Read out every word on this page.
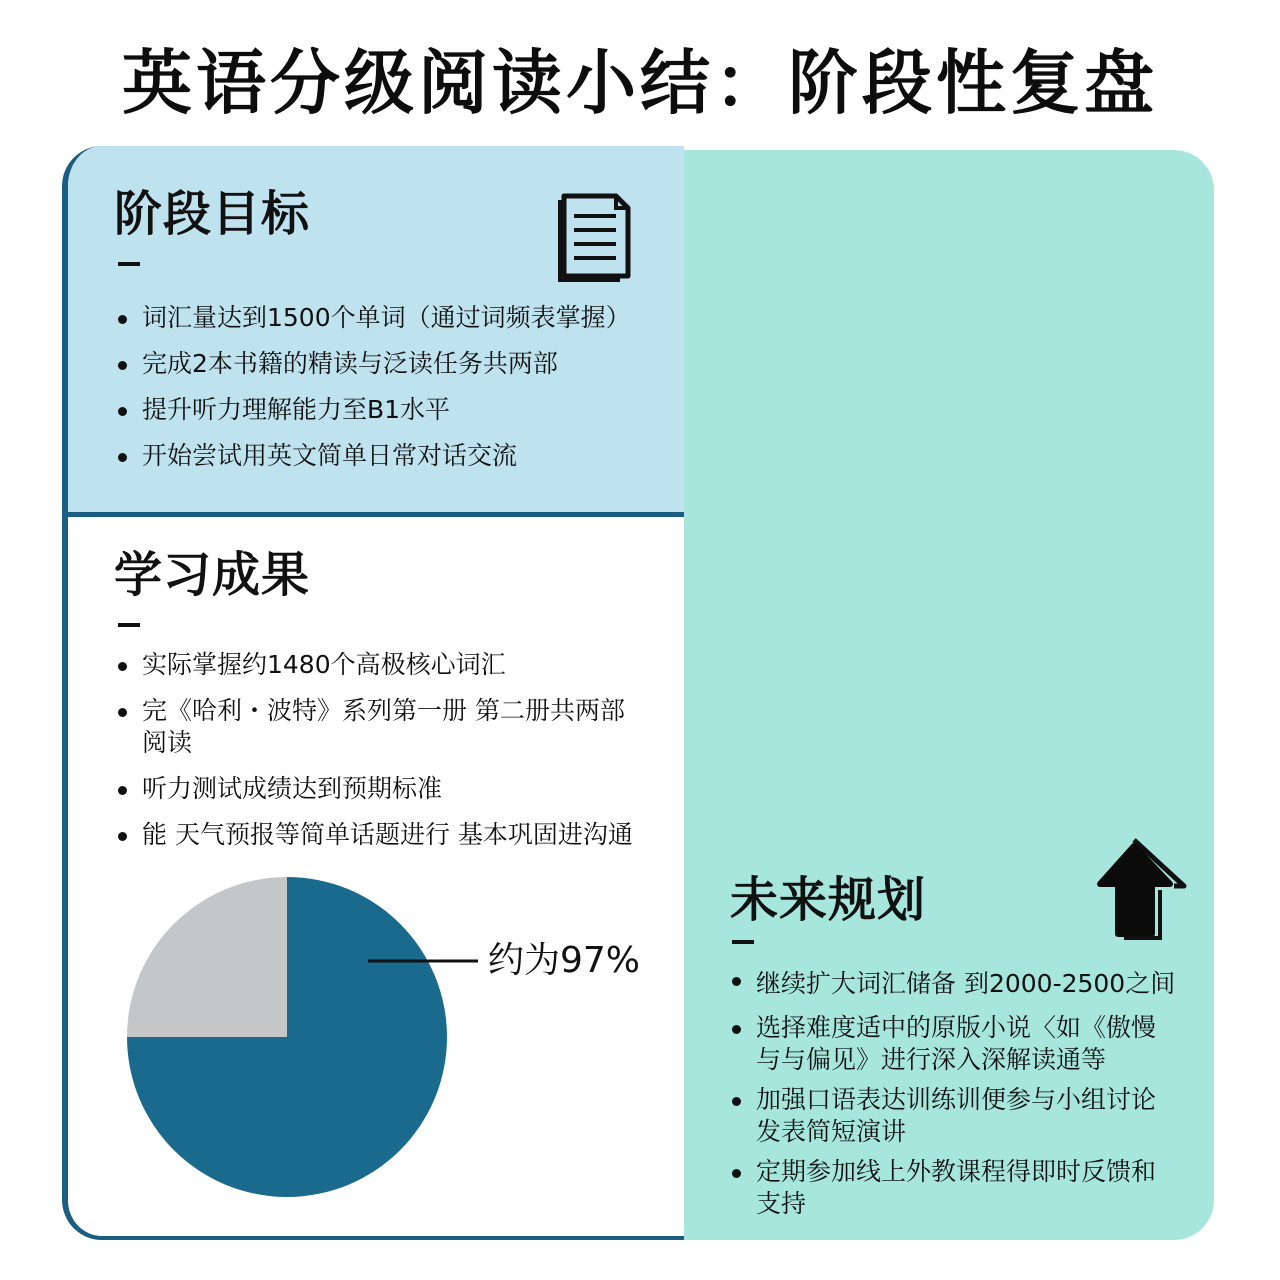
英语分级阅读小结：阶段性复盘
未来规划
继续扩大词汇储备 到2000-2500之间
选择难度适中的原版小说〈如《傲慢与与偏见》进行深入深解读通等
加强口语表达训练训便参与小组讨论发表简短演讲
定期参加线上外教课程得即时反馈和支持
阶段目标
词汇量达到1500个单词（通过词频表掌握）
完成2本书籍的精读与泛读任务共两部
提升听力理解能力至B1水平
开始尝试用英文简单日常对话交流
学习成果
实际掌握约1480个高极核心词汇
完《哈利・波特》系列第一册 第二册共两部阅读
听力测试成绩达到预期标准
能 天气预报等简单话题进行 基本巩固进沟通
约为97%
